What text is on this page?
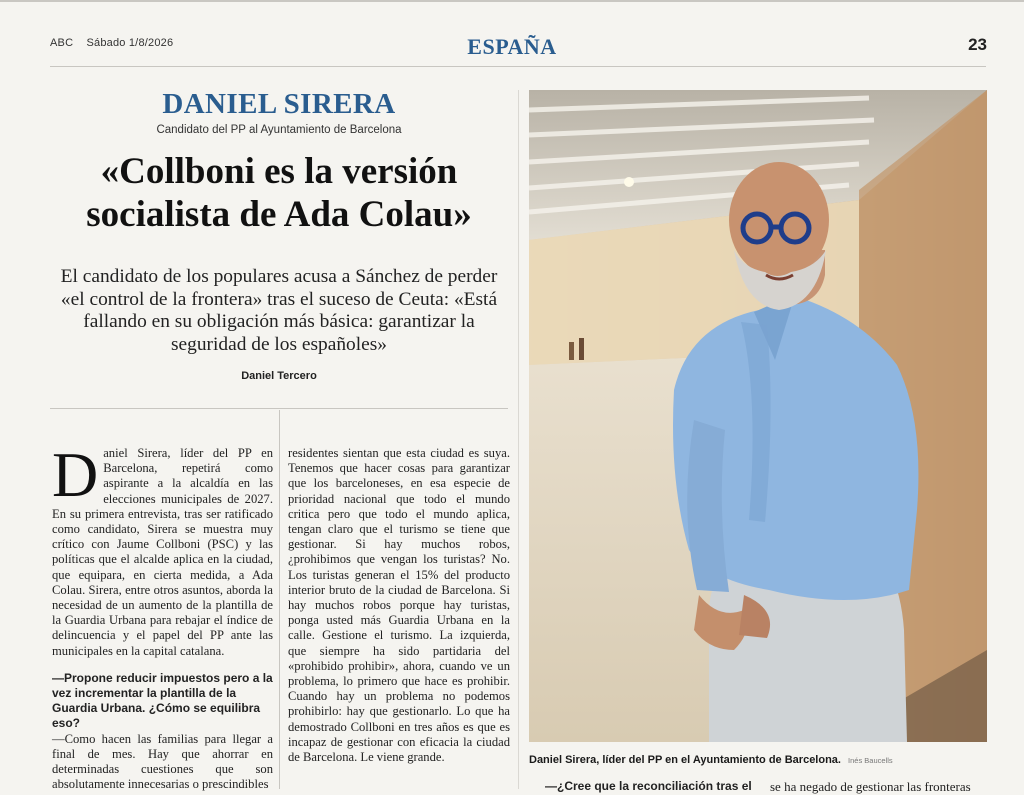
ABC Sábado 1/8/2026	ESPAÑA	23
DANIEL SIRERA
Candidato del PP al Ayuntamiento de Barcelona
«Collboni es la versión
socialista de Ada Colau»

El candidato de los populares acusa a Sánchez de perder «el control de la frontera» tras el suceso de Ceuta: «Está fallando en su obligación más básica: garantizar la seguridad de los españoles»

Daniel Tercero

Daniel Sirera, líder del PP en Barcelona, repetirá como aspirante a la alcaldía en las elecciones municipales de 2027. En su primera entrevista, tras ser ratificado como candidato, Sirera se muestra muy crítico con Jaume Collboni (PSC) y las políticas que el alcalde aplica en la ciudad, que equipara, en cierta medida, a Ada Colau. Sirera, entre otros asuntos, aborda la necesidad de un aumento de la plantilla de la Guardia Urbana para rebajar el índice de delincuencia y el papel del PP ante las municipales en la capital catalana.

—Propone reducir impuestos pero a la vez incrementar la plantilla de la Guardia Urbana. ¿Cómo se equilibra eso?

—Como hacen las familias para llegar a final de mes. Hay que ahorrar en determinadas cuestiones que son absolutamente innecesarias o prescindibles

residentes sientan que esta ciudad es suya. Tenemos que hacer cosas para garantizar que los barceloneses, en esa especie de prioridad nacional que todo el mundo critica pero que todo el mundo aplica, tengan claro que el turismo se tiene que gestionar. Si hay muchos robos, ¿prohibimos que vengan los turistas? No. Los turistas generan el 15% del producto interior bruto de la ciudad de Barcelona. Si hay muchos robos porque hay turistas, ponga usted más Guardia Urbana en la calle. Gestione el turismo. La izquierda, que siempre ha sido partidaria del «prohibido prohibir», ahora, cuando ve un problema, lo primero que hace es prohibir. Cuando hay un problema no podemos prohibirlo: hay que gestionarlo. Lo que ha demostrado Collboni en tres años es que es incapaz de gestionar con eficacia la ciudad de Barcelona. Le viene grande.

—¿Cree que la reconciliación tras el se ha negado de gestionar las fronteras
Daniel Sirera, líder del PP en el Ayuntamiento de Barcelona. Inés Baucells
